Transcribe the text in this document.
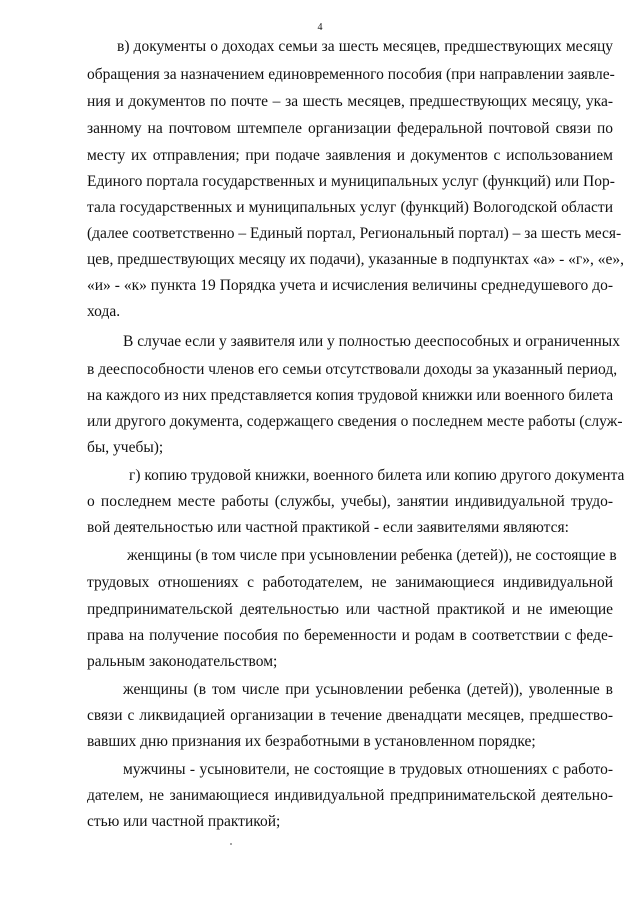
4
в) документы о доходах семьи за шесть месяцев, предшествующих месяцу
обращения за назначением единовременного пособия (при направлении заявле-
ния и документов по почте – за шесть месяцев, предшествующих месяцу, ука-
занному на почтовом штемпеле организации федеральной почтовой связи по
месту их отправления; при подаче заявления и документов с использованием
Единого портала государственных и муниципальных услуг (функций) или Пор-
тала государственных и муниципальных услуг (функций) Вологодской области
(далее соответственно – Единый портал, Региональный портал) – за шесть меся-
цев, предшествующих месяцу их подачи), указанные в подпунктах «а» - «г», «е»,
«и» - «к» пункта 19 Порядка учета и исчисления величины среднедушевого до-
хода.
В случае если у заявителя или у полностью дееспособных и ограниченных
в дееспособности членов его семьи отсутствовали доходы за указанный период,
на каждого из них представляется копия трудовой книжки или военного билета
или другого документа, содержащего сведения о последнем месте работы (служ-
бы, учебы);
г) копию трудовой книжки, военного билета или копию другого документа
о последнем месте работы (службы, учебы), занятии индивидуальной трудо-
вой деятельностью или частной практикой - если заявителями являются:
женщины (в том числе при усыновлении ребенка (детей)), не состоящие в
трудовых отношениях с работодателем, не занимающиеся индивидуальной
предпринимательской деятельностью или частной практикой и не имеющие
права на получение пособия по беременности и родам в соответствии с феде-
ральным законодательством;
женщины (в том числе при усыновлении ребенка (детей)), уволенные в
связи с ликвидацией организации в течение двенадцати месяцев, предшество-
вавших дню признания их безработными в установленном порядке;
мужчины - усыновители, не состоящие в трудовых отношениях с работо-
дателем, не занимающиеся индивидуальной предпринимательской деятельно-
стью или частной практикой;
